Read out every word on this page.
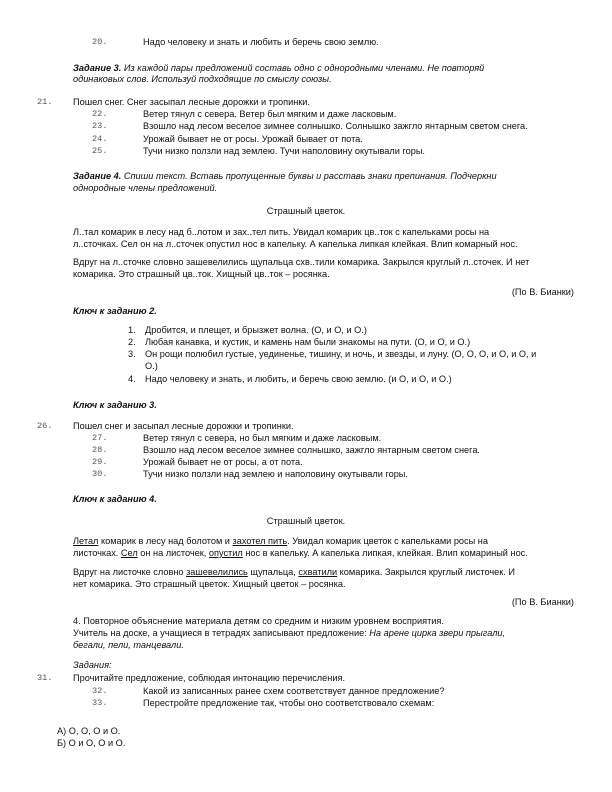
20.	Надо человеку и знать и любить и беречь свою землю.
Задание 3. Из каждой пары предложений составь одно с однородными членами. Не повторяй
одинаковых слов. Используй подходящие по смыслу союзы.
21. Пошел снег. Снег засыпал лесные дорожки и тропинки.
22.	Ветер тянул с севера. Ветер был мягким и даже ласковым.
23.	Взошло над лесом веселое зимнее солнышко. Солнышко зажгло янтарным светом снега.
24.	Урожай бывает не от росы. Урожай бывает от пота.
25.	Тучи низко ползли над землею. Тучи наполовину окутывали горы.
Задание 4. Спиши текст. Вставь пропущенные буквы и расставь знаки препинания. Подчеркни
однородные члены предложений.
Страшный цветок.
Л..тал комарик в лесу над б..лотом и зах..тел пить. Увидал комарик цв..ток с капельками росы на
л..сточках. Сел он на л..сточек опустил нос в капельку. А капелька липкая клейкая. Влип комарный нос.
Вдруг на л..сточке словно зашевелились щупальца схв..тили комарика. Закрылся круглый л..сточек. И нет
комарика. Это страшный цв..ток. Хищный цв..ток – росянка.
(По В. Бианки)
Ключ к заданию 2.
1. Дробится, и плещет, и брызжет волна. (О, и О, и О.)
2. Любая канавка, и кустик, и камень нам были знакомы на пути. (О, и О, и О.)
3. Он рощи полюбил густые, уединенье, тишину, и ночь, и звезды, и луну. (О, О, О, и О, и О, и
О.)
4. Надо человеку и знать, и любить, и беречь свою землю. (и О, и О, и О.)
Ключ к заданию 3.
26. Пошел снег и засыпал лесные дорожки и тропинки.
27.	Ветер тянул с севера, но был мягким и даже ласковым.
28.	Взошло над лесом веселое зимнее солнышко, зажгло янтарным светом снега.
29.	Урожай бывает не от росы, а от пота.
30.	Тучи низко ползли над землею и наполовину окутывали горы.
Ключ к заданию 4.
Страшный цветок.
Летал комарик в лесу над болотом и захотел пить. Увидал комарик цветок с капельками росы на
листочках. Сел он на листочек, опустил нос в капельку. А капелька липкая, клейкая. Влип комариный нос.
Вдруг на листочке словно зашевелились щупальца, схватили комарика. Закрылся круглый листочек. И
нет комарика. Это страшный цветок. Хищный цветок – росянка.
(По В. Бианки)
4. Повторное объяснение материала детям со средним и низким уровнем восприятия.
Учитель на доске, а учащиеся в тетрадях записывают предложение: На арене цирка звери прыгали,
бегали, пели, танцевали.
Задания:
31. Прочитайте предложение, соблюдая интонацию перечисления.
32.	Какой из записанных ранее схем соответствует данное предложение?
33.	Перестройте предложение так, чтобы оно соответствовало схемам:
А) О, О, О и О.
Б) О и О, О и О.
